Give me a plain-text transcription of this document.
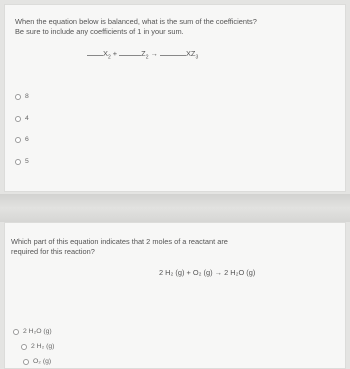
When the equation below is balanced, what is the sum of the coefficients?
Be sure to include any coefficients of 1 in your sum.
$X_2$ +	$Z_2$ →	$XZ_3$
8
4
6
5
Which part of this equation indicates that 2 moles of a reactant are
required for this reaction?
2 H₂ (g) + O₂ (g) → 2 H₂O (g)
2 H₂O (g)
2 H₂ (g)
O₂ (g)
